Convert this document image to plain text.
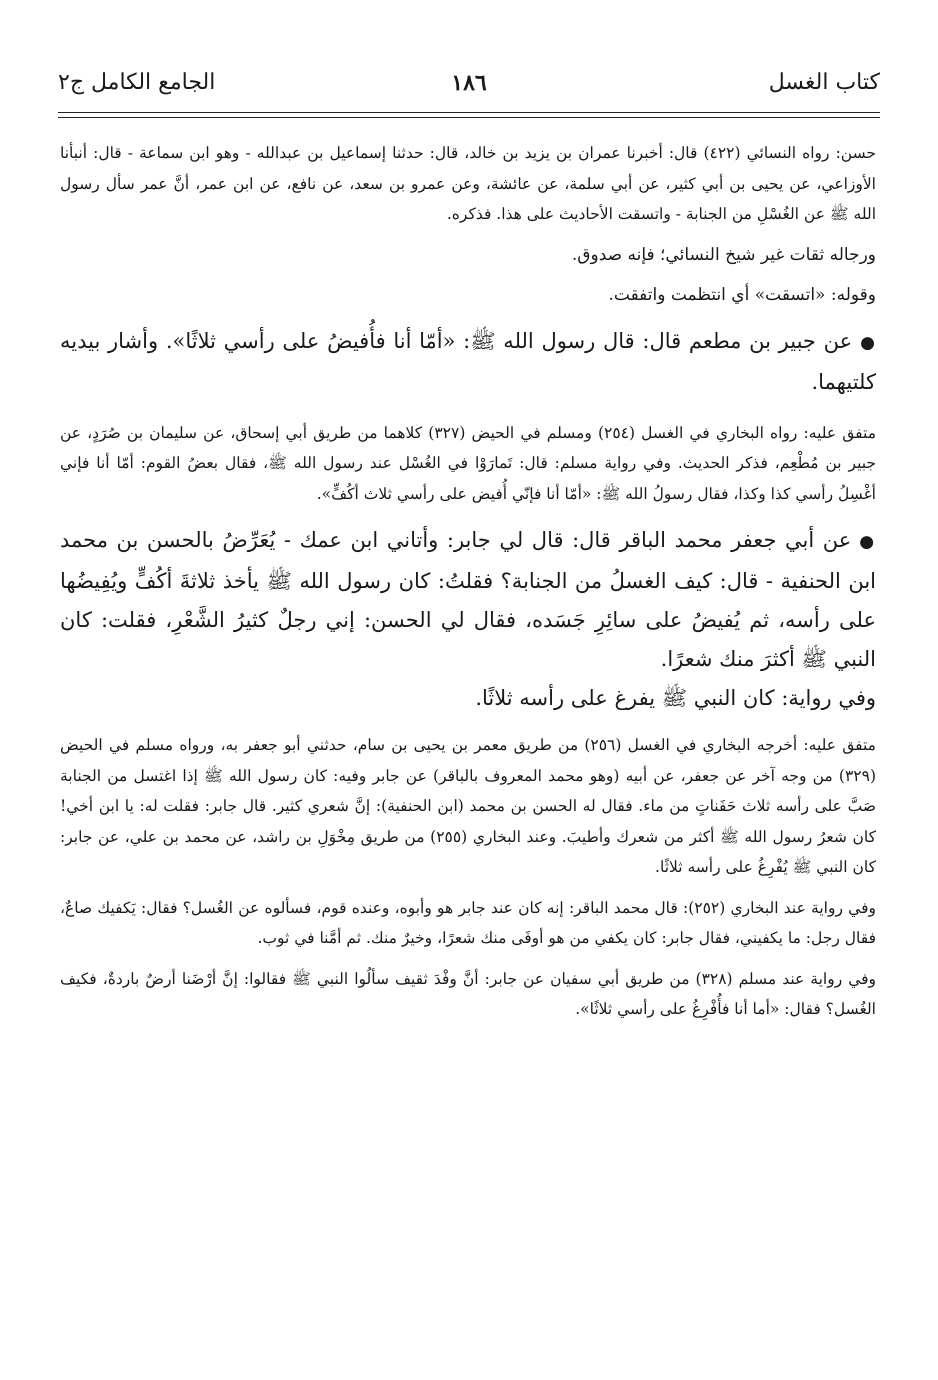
كتاب الغسل
١٨٦
الجامع الكامل ج٢

حسن: رواه النسائي (٤٢٢) قال: أخبرنا عمران بن يزيد بن خالد، قال: حدثنا إسماعيل بن عبدالله - وهو ابن سماعة - قال: أنبأنا الأوزاعي، عن يحيى بن أبي كثير، عن أبي سلمة، عن عائشة، وعن عمرو بن سعد، عن نافع، عن ابن عمر، أنَّ عمر سأل رسول الله ﷺ عن الغُسْلِ من الجنابة - واتسقت الأحاديث على هذا. فذكره.

ورجاله ثقات غير شيخ النسائي؛ فإنه صدوق.

وقوله: «اتسقت» أي انتظمت واتفقت.

●عن جبير بن مطعم قال: قال رسول الله ﷺ: «أمّا أنا فأُفيضُ على رأسي ثلاثًا». وأشار بيديه كلتيهما.

متفق عليه: رواه البخاري في الغسل (٢٥٤) ومسلم في الحيض (٣٢٧) كلاهما من طريق أبي إسحاق، عن سليمان بن صُرَدٍ، عن جبير بن مُطْعِم، فذكر الحديث. وفي رواية مسلم: قال: تَمارَوْا في الغُسْل عند رسول الله ﷺ، فقال بعضُ القوم: أمّا أنا فإني أغْسِلُ رأسي كذا وكذا، فقال رسولُ الله ﷺ: «أمّا أنا فإنّي أُفيض على رأسي ثلاث أكُفٍّ».

●عن أبي جعفر محمد الباقر قال: قال لي جابر: وأتاني ابن عمك - يُعَرِّضُ بالحسن بن محمد ابن الحنفية - قال: كيف الغسلُ من الجنابة؟ فقلتُ: كان رسول الله ﷺ يأخذ ثلاثةَ أكُفٍّ ويُفِيضُها على رأسه، ثم يُفيضُ على سائِرِ جَسَده، فقال لي الحسن: إني رجلٌ كثيرُ الشَّعْرِ، فقلت: كان النبي ﷺ أكثرَ منك شعرًا.

وفي رواية: كان النبي ﷺ يفرغ على رأسه ثلاثًا.

متفق عليه: أخرجه البخاري في الغسل (٢٥٦) من طريق معمر بن يحيى بن سام، حدثني أبو جعفر به، ورواه مسلم في الحيض (٣٢٩) من وجه آخر عن جعفر، عن أبيه (وهو محمد المعروف بالباقر) عن جابر وفيه: كان رسول الله ﷺ إذا اغتسل من الجنابة صَبَّ على رأسه ثلاث حَفَناتٍ من ماء. فقال له الحسن بن محمد (ابن الحنفية): إنَّ شعري كثير. قال جابر: فقلت له: يا ابن أخي! كان شعرُ رسول الله ﷺ أكثر من شعرك وأطيبَ. وعند البخاري (٢٥٥) من طريق مِخْوَلِ بن راشد، عن محمد بن علي، عن جابر: كان النبي ﷺ يُفْرِغُ على رأسه ثلاثًا.

وفي رواية عند البخاري (٢٥٢): قال محمد الباقر: إنه كان عند جابر هو وأبوه، وعنده قوم، فسألوه عن الغُسل؟ فقال: يَكفيك صاعٌ، فقال رجل: ما يكفيني، فقال جابر: كان يكفي من هو أوفَى منك شعرًا، وخيرٌ منك. ثم أمَّنا في ثوب.

وفي رواية عند مسلم (٣٢٨) من طريق أبي سفيان عن جابر: أنَّ وفْدَ ثقيف سألُوا النبي ﷺ فقالوا: إنَّ أرْضَنا أرضٌ باردةٌ، فكيف الغُسل؟ فقال: «أما أنا فأُفْرِغُ على رأسي ثلاثًا».
